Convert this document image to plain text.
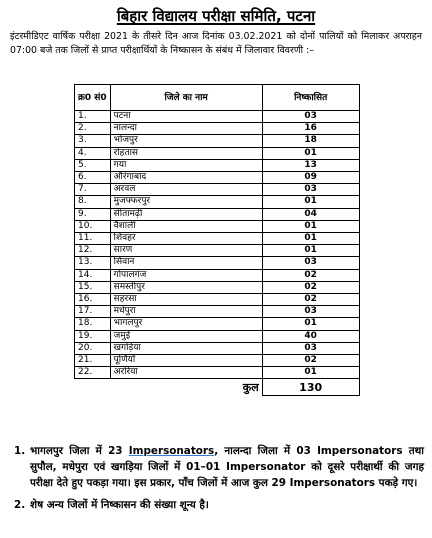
बिहार विद्यालय परीक्षा समिति, पटना
इंटरमीडिएट वार्षिक परीक्षा 2021 के तीसरे दिन आज दिनांक 03.02.2021 को दोनों पालियों को मिलाकर अपराहन 07:00 बजे तक जिलों से प्राप्त परीक्षार्थियों के निष्कासन के संबंध में जिलावार विवरणी :–
क्र0 सं0	जिले का नाम	निष्कासित
1.	पटना	03
2.	नालन्दा	16
3.	भोजपुर	18
4.	रोहतास	01
5.	गया	13
6.	औरंगाबाद	09
7.	अरवल	03
8.	मुजफ्फरपुर	01
9.	सीतामढ़ी	04
10.	वैशाली	01
11.	शिवहर	01
12.	सारण	01
13.	सिवान	03
14.	गोपालगंज	02
15.	समस्तीपुर	02
16.	सहरसा	02
17.	मधेपुरा	03
18.	भागलपुर	01
19.	जमुई	40
20.	खगड़िया	03
21.	पूर्णियाँ	02
22.	अररिया	01
	कुल	130
1. भागलपुर जिला में 23 Impersonators, नालन्दा जिला में 03 Impersonators तथा सुपौल, मधेपुरा एवं खगड़िया जिलों में 01–01 Impersonator को दूसरे परीक्षार्थी की जगह परीक्षा देते हुए पकड़ा गया। इस प्रकार, पाँच जिलों में आज कुल 29 Impersonators पकड़े गए।
2. शेष अन्य जिलों में निष्कासन की संख्या शून्य है।
